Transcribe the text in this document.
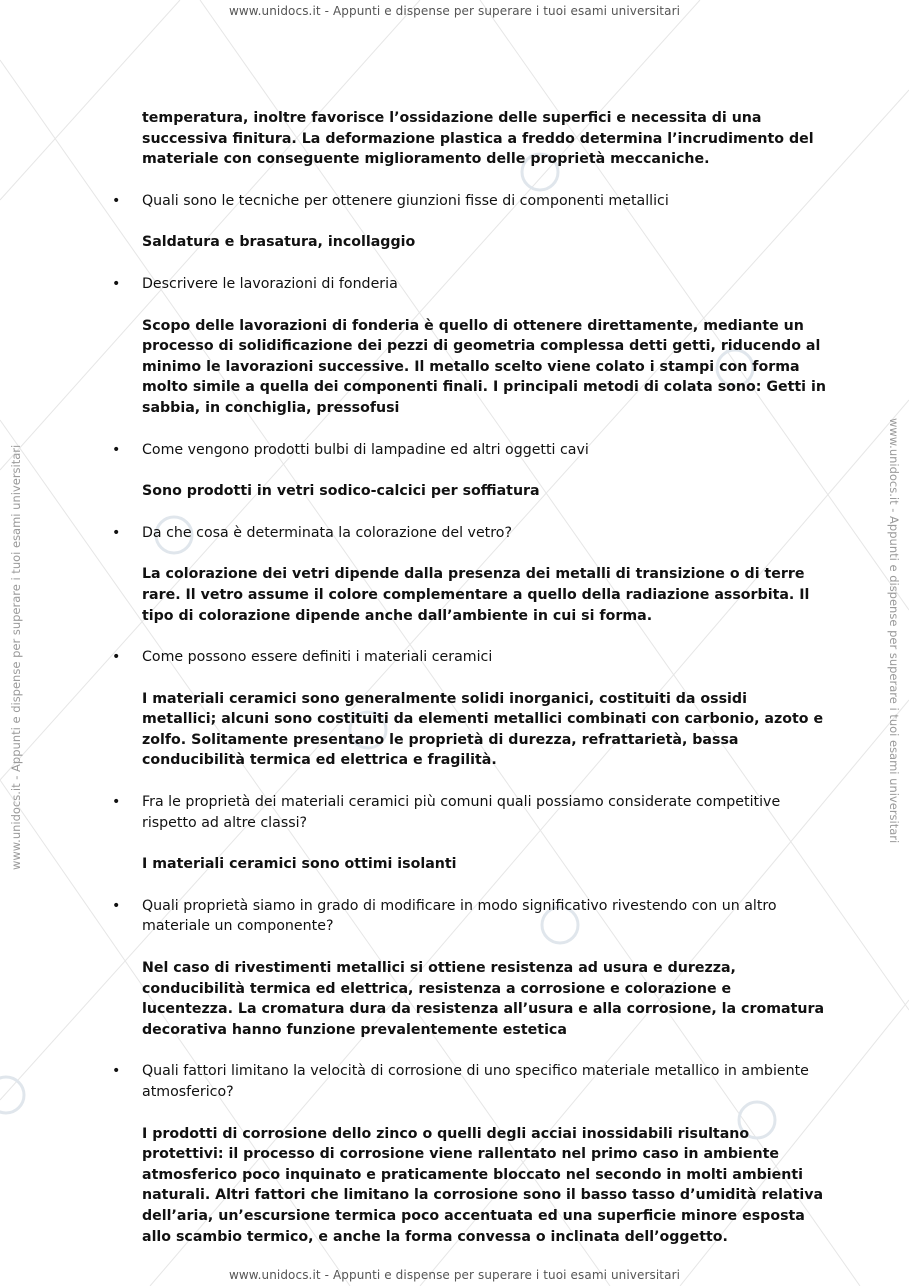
www.unidocs.it - Appunti e dispense per superare i tuoi esami universitari
www.unidocs.it - Appunti e dispense per superare i tuoi esami universitari	www.unidocs.it - Appunti e dispense per superare i tuoi esami universitari
temperatura, inoltre favorisce l’ossidazione delle superfici e necessita di una successiva finitura. La deformazione plastica a freddo determina l’incrudimento del materiale con conseguente miglioramento delle proprietà meccaniche.
• Quali sono le tecniche per ottenere giunzioni fisse di componenti metallici
Saldatura e brasatura, incollaggio
• Descrivere le lavorazioni di fonderia
Scopo delle lavorazioni di fonderia è quello di ottenere direttamente, mediante un processo di solidificazione dei pezzi di geometria complessa detti getti, riducendo al minimo le lavorazioni successive. Il metallo scelto viene colato i stampi con forma molto simile a quella dei componenti finali. I principali metodi di colata sono: Getti in sabbia, in conchiglia, pressofusi
• Come vengono prodotti bulbi di lampadine ed altri oggetti cavi
Sono prodotti in vetri sodico-calcici per soffiatura
• Da che cosa è determinata la colorazione del vetro?
La colorazione dei vetri dipende dalla presenza dei metalli di transizione o di terre rare. Il vetro assume il colore complementare a quello della radiazione assorbita. Il tipo di colorazione dipende anche dall’ambiente in cui si forma.
• Come possono essere definiti i materiali ceramici
I materiali ceramici sono generalmente solidi inorganici, costituiti da ossidi metallici; alcuni sono costituiti da elementi metallici combinati con carbonio, azoto e zolfo. Solitamente presentano le proprietà di durezza, refrattarietà, bassa conducibilità termica ed elettrica e fragilità.
• Fra le proprietà dei materiali ceramici più comuni quali possiamo considerate competitive rispetto ad altre classi?
I materiali ceramici sono ottimi isolanti
• Quali proprietà siamo in grado di modificare in modo significativo rivestendo con un altro materiale un componente?
Nel caso di rivestimenti metallici si ottiene resistenza ad usura e durezza, conducibilità termica ed elettrica, resistenza a corrosione e colorazione e lucentezza. La cromatura dura da resistenza all’usura e alla corrosione, la cromatura decorativa hanno funzione prevalentemente estetica
• Quali fattori limitano la velocità di corrosione di uno specifico materiale metallico in ambiente atmosferico?
I prodotti di corrosione dello zinco o quelli degli acciai inossidabili risultano protettivi: il processo di corrosione viene rallentato nel primo caso in ambiente atmosferico poco inquinato e praticamente bloccato nel secondo in molti ambienti naturali. Altri fattori che limitano la corrosione sono il basso tasso d’umidità relativa dell’aria, un’escursione termica poco accentuata ed una superficie minore esposta allo scambio termico, e anche la forma convessa o inclinata dell’oggetto.
www.unidocs.it - Appunti e dispense per superare i tuoi esami universitari
